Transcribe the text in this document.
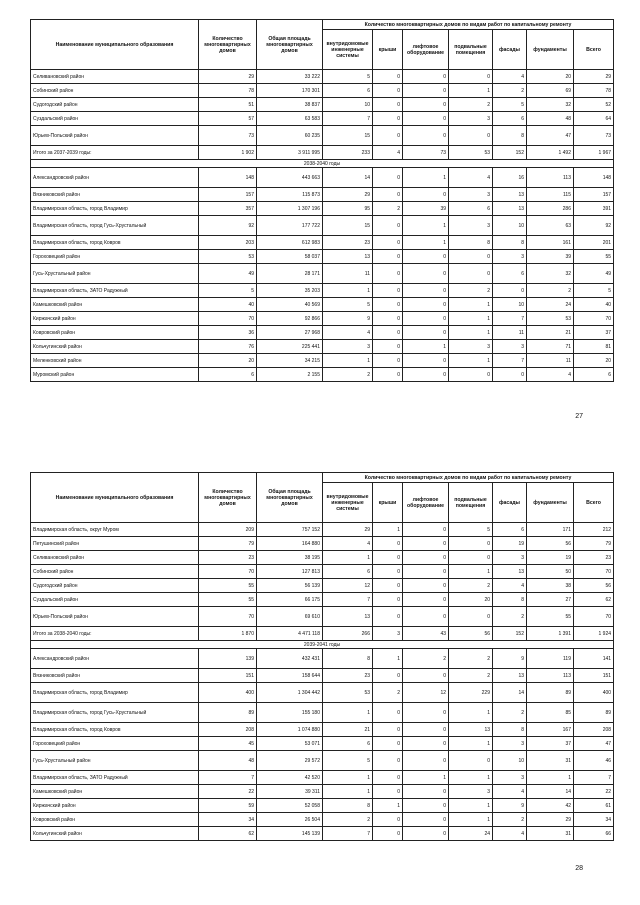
Наименование муниципального образования	Количество многоквартирных домов	Общая площадь многоквартирных домов	Количество многоквартирных домов по видам работ по капитальному ремонту						
			внутридомовые инженерные системы	крыши	лифтовое оборудование	подвальные помещения	фасады	фундаменты	Всего
Селивановский район	29	33 222	5	0	0	0	4	20	29
Собинский район	78	170 301	6	0	0	1	2	69	78
Судогодский район	51	38 837	10	0	0	2	5	32	52
Суздальский район	57	63 583	7	0	0	3	6	48	64
Юрьев-Польский район	73	60 235	15	0	0	0	8	47	73
Итого за 2037-2039 годы:	1 902	3 911 995	233	4	73	53	152	1 492	1 967
2038-2040 годы									
Александровский район	148	443 663	14	0	1	4	16	113	148
Вязниковский район	157	115 873	29	0	0	3	13	115	157
Владимирская область, город Владимир	357	1 307 196	95	2	39	6	13	286	391
Владимирская область, город Гусь-Хрустальный	92	177 722	15	0	1	3	10	63	92
Владимирская область, город Ковров	203	612 983	23	0	1	8	8	161	201
Гороховецкий район	53	58 037	13	0	0	0	3	39	55
Гусь-Хрустальный район	49	28 171	11	0	0	0	6	32	49
Владимирская область, ЗАТО Радужный	5	35 203	1	0	0	2	0	2	5
Камешковский район	40	40 569	5	0	0	1	10	24	40
Киржачский район	70	92 866	9	0	0	1	7	53	70
Ковровский район	36	27 968	4	0	0	1	11	21	37
Кольчугинский район	76	225 441	3	0	1	3	3	71	81
Меленковский район	20	34 215	1	0	0	1	7	11	20
Муромский район	6	2 155	2	0	0	0	0	4	6
27
Наименование муниципального образования	Количество многоквартирных домов	Общая площадь многоквартирных домов	Количество многоквартирных домов по видам работ по капитальному ремонту						
			внутридомовые инженерные системы	крыши	лифтовое оборудование	подвальные помещения	фасады	фундаменты	Всего
Владимирская область, округ Муром	209	757 152	29	1	0	5	6	171	212
Петушинский район	79	164 880	4	0	0	0	19	56	79
Селивановский район	23	38 195	1	0	0	0	3	19	23
Собинский район	70	127 813	6	0	0	1	13	50	70
Судогодский район	55	56 139	12	0	0	2	4	38	56
Суздальский район	55	66 175	7	0	0	20	8	27	62
Юрьев-Польский район	70	69 610	13	0	0	0	2	55	70
Итого за 2038-2040 годы:	1 870	4 471 118	266	3	43	56	152	1 391	1 924
2039-2041 годы									
Александровский район	139	432 431	8	1	2	2	9	119	141
Вязниковский район	151	158 644	23	0	0	2	13	113	151
Владимирская область, город Владимир	400	1 304 442	53	2	12	229	14	89	400
Владимирская область, город Гусь-Хрустальный	89	155 180	1	0	0	1	2	85	89
Владимирская область, город Ковров	208	1 074 880	21	0	0	13	8	167	208
Гороховецкий район	45	53 071	6	0	0	1	3	37	47
Гусь-Хрустальный район	48	29 572	5	0	0	0	10	31	46
Владимирская область, ЗАТО Радужный	7	42 520	1	0	1	1	3	1	7
Камешковский район	22	39 311	1	0	0	3	4	14	22
Киржачский район	59	52 058	8	1	0	1	9	42	61
Ковровский район	34	26 504	2	0	0	1	2	29	34
Кольчугинский район	62	145 139	7	0	0	24	4	31	66
28
